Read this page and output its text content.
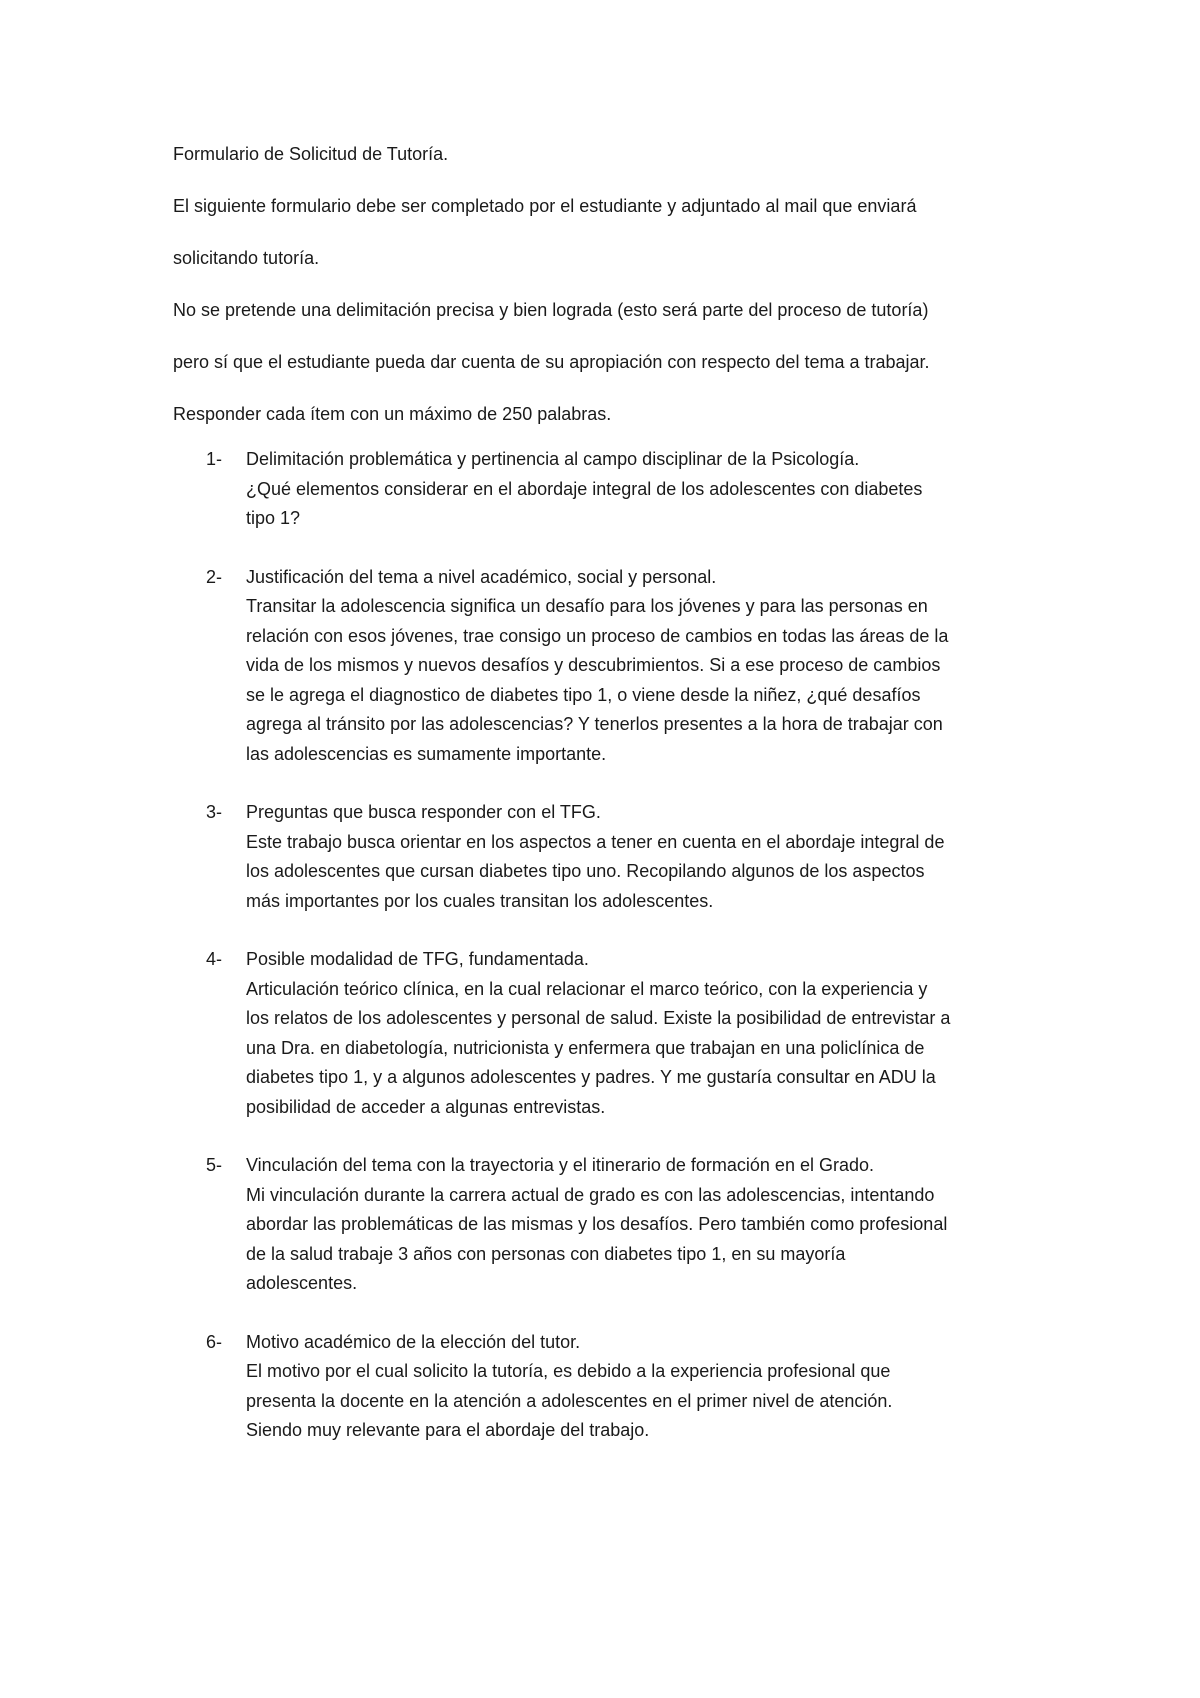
Formulario de Solicitud de Tutoría.

El siguiente formulario debe ser completado por el estudiante y adjuntado al mail que enviará

solicitando tutoría.

No se pretende una delimitación precisa y bien lograda (esto será parte del proceso de tutoría)

pero sí que el estudiante pueda dar cuenta de su apropiación con respecto del tema a trabajar.

Responder cada ítem con un máximo de 250 palabras.

1- Delimitación problemática y pertinencia al campo disciplinar de la Psicología.
¿Qué elementos considerar en el abordaje integral de los adolescentes con diabetes
tipo 1?
2- Justificación del tema a nivel académico, social y personal.
Transitar la adolescencia significa un desafío para los jóvenes y para las personas en
relación con esos jóvenes, trae consigo un proceso de cambios en todas las áreas de la
vida de los mismos y nuevos desafíos y descubrimientos. Si a ese proceso de cambios
se le agrega el diagnostico de diabetes tipo 1, o viene desde la niñez, ¿qué desafíos
agrega al tránsito por las adolescencias? Y tenerlos presentes a la hora de trabajar con
las adolescencias es sumamente importante.
3- Preguntas que busca responder con el TFG.
Este trabajo busca orientar en los aspectos a tener en cuenta en el abordaje integral de
los adolescentes que cursan diabetes tipo uno. Recopilando algunos de los aspectos
más importantes por los cuales transitan los adolescentes.
4- Posible modalidad de TFG, fundamentada.
Articulación teórico clínica, en la cual relacionar el marco teórico, con la experiencia y
los relatos de los adolescentes y personal de salud. Existe la posibilidad de entrevistar a
una Dra. en diabetología, nutricionista y enfermera que trabajan en una policlínica de
diabetes tipo 1, y a algunos adolescentes y padres. Y me gustaría consultar en ADU la
posibilidad de acceder a algunas entrevistas.
5- Vinculación del tema con la trayectoria y el itinerario de formación en el Grado.
Mi vinculación durante la carrera actual de grado es con las adolescencias, intentando
abordar las problemáticas de las mismas y los desafíos. Pero también como profesional
de la salud trabaje 3 años con personas con diabetes tipo 1, en su mayoría
adolescentes.
6- Motivo académico de la elección del tutor.
El motivo por el cual solicito la tutoría, es debido a la experiencia profesional que
presenta la docente en la atención a adolescentes en el primer nivel de atención.
Siendo muy relevante para el abordaje del trabajo.
